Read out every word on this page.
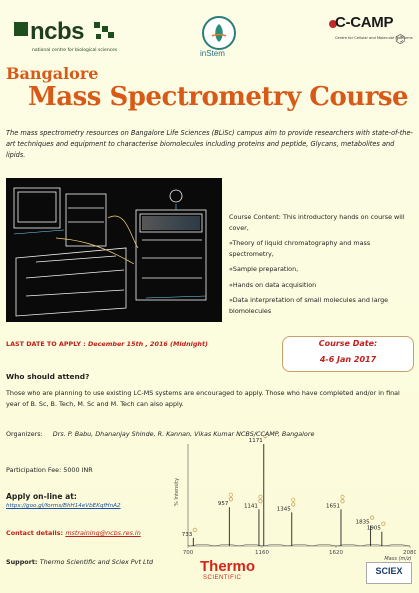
ncbs
national centre for biological sciences	inStem
C-CAMP
Centre for Cellular and Molecular Platforms
⌬
Bangalore
Mass Spectrometry Course
The mass spectrometry resources on Bangalore Life Sciences (BLiSc) campus aim to provide researchers with state-of-the-art techniques and equipment to characterise biomolecules including proteins and peptide, Glycans, metabolites and lipids.

Course Content: This introductory hands on course will cover,

»Theory of liquid chromatography and mass spectrometry,

»Sample preparation,

»Hands on data acquisition

»Data interpretation of small molecules and large biomolecules

LAST DATE TO APPLY : December 15th , 2016 (Midnight)	Course Date:
4-6 Jan 2017
Who should attend?
Those who are planning to use existing LC-MS systems are encouraged to apply. Those who have completed and/or in final year of B. Sc, B. Tech, M. Sc and M. Tech can also apply.
Organizers: Drs. P. Babu, Dhananjay Shinde, R. Kannan, Vikas Kumar NCBS/CCAMP, Bangalore
Participation Fee: 5000 INR
Apply on-line at:
https://goo.gl/forms/BhH14eVbEKqfHnA2
Contact details: mstraining@ncbs.res.in
Support: Thermo Scientific and Sciex Pvt Ltd
% Intensity
Mass (m/z)
700	1160	1620	2080
733
957	1141
1171
1345
1651
1835
1905
Thermo
SCIENTIFIC
SCIEX
